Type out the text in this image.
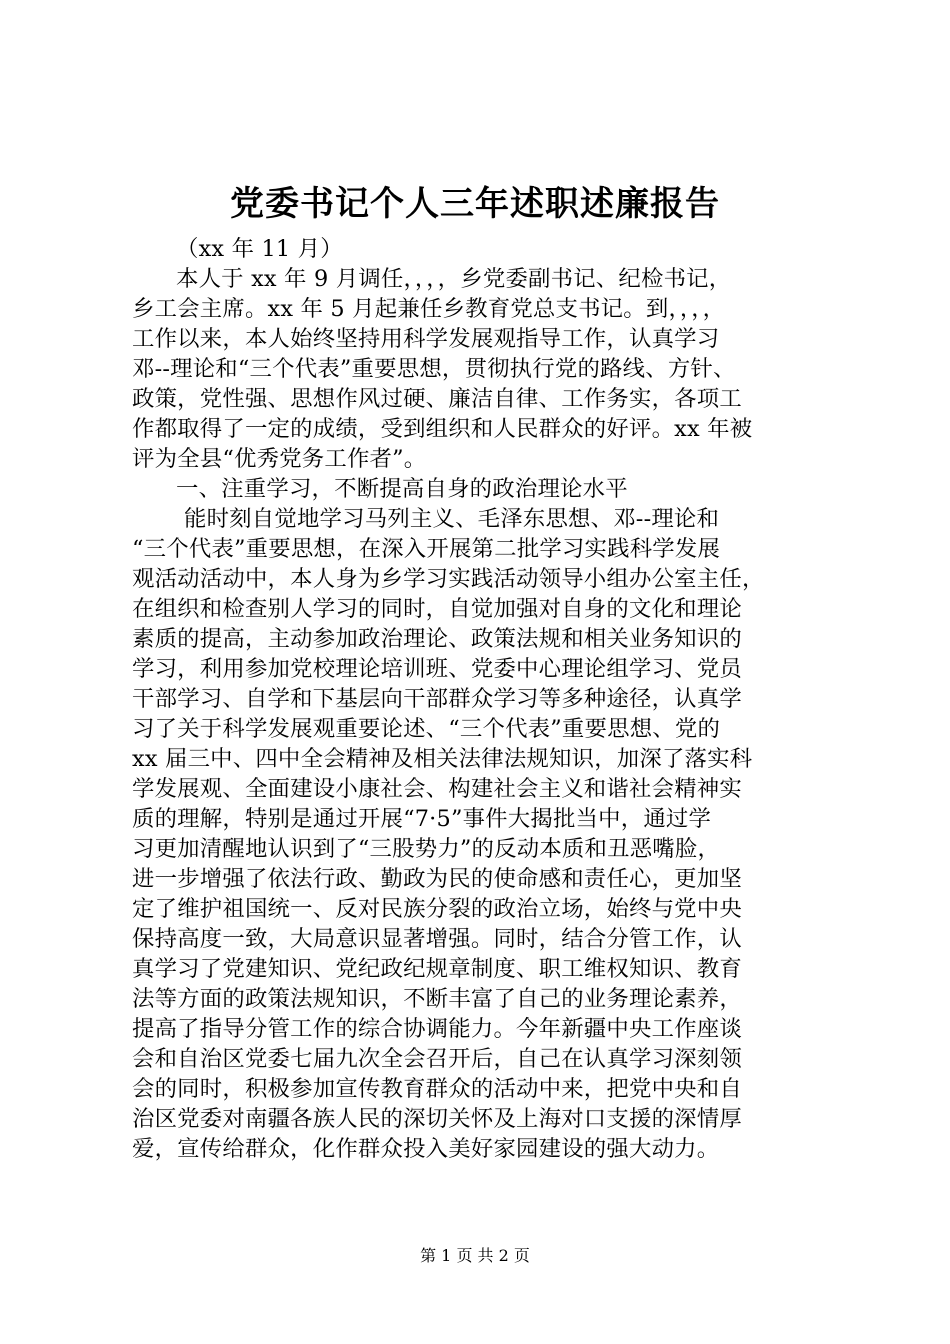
党委书记个人三年述职述廉报告
（xx 年 11 月）
本人于 xx 年 9 月调任，，，，乡党委副书记、纪检书记，
乡工会主席。xx 年 5 月起兼任乡教育党总支书记。到，，，，
工作以来，本人始终坚持用科学发展观指导工作，认真学习
邓--理论和“三个代表”重要思想，贯彻执行党的路线、方针、
政策，党性强、思想作风过硬、廉洁自律、工作务实，各项工
作都取得了一定的成绩，受到组织和人民群众的好评。xx 年被
评为全县“优秀党务工作者”。
一、注重学习，不断提高自身的政治理论水平
能时刻自觉地学习马列主义、毛泽东思想、邓--理论和
“三个代表”重要思想，在深入开展第二批学习实践科学发展
观活动活动中，本人身为乡学习实践活动领导小组办公室主任，
在组织和检查别人学习的同时，自觉加强对自身的文化和理论
素质的提高，主动参加政治理论、政策法规和相关业务知识的
学习，利用参加党校理论培训班、党委中心理论组学习、党员
干部学习、自学和下基层向干部群众学习等多种途径，认真学
习了关于科学发展观重要论述、“三个代表”重要思想、党的
xx 届三中、四中全会精神及相关法律法规知识，加深了落实科
学发展观、全面建设小康社会、构建社会主义和谐社会精神实
质的理解，特别是通过开展“7·5”事件大揭批当中，通过学
习更加清醒地认识到了“三股势力”的反动本质和丑恶嘴脸，
进一步增强了依法行政、勤政为民的使命感和责任心，更加坚
定了维护祖国统一、反对民族分裂的政治立场，始终与党中央
保持高度一致，大局意识显著增强。同时，结合分管工作，认
真学习了党建知识、党纪政纪规章制度、职工维权知识、教育
法等方面的政策法规知识，不断丰富了自己的业务理论素养，
提高了指导分管工作的综合协调能力。今年新疆中央工作座谈
会和自治区党委七届九次全会召开后，自己在认真学习深刻领
会的同时，积极参加宣传教育群众的活动中来，把党中央和自
治区党委对南疆各族人民的深切关怀及上海对口支援的深情厚
爱，宣传给群众，化作群众投入美好家园建设的强大动力。
第 1 页 共 2 页
